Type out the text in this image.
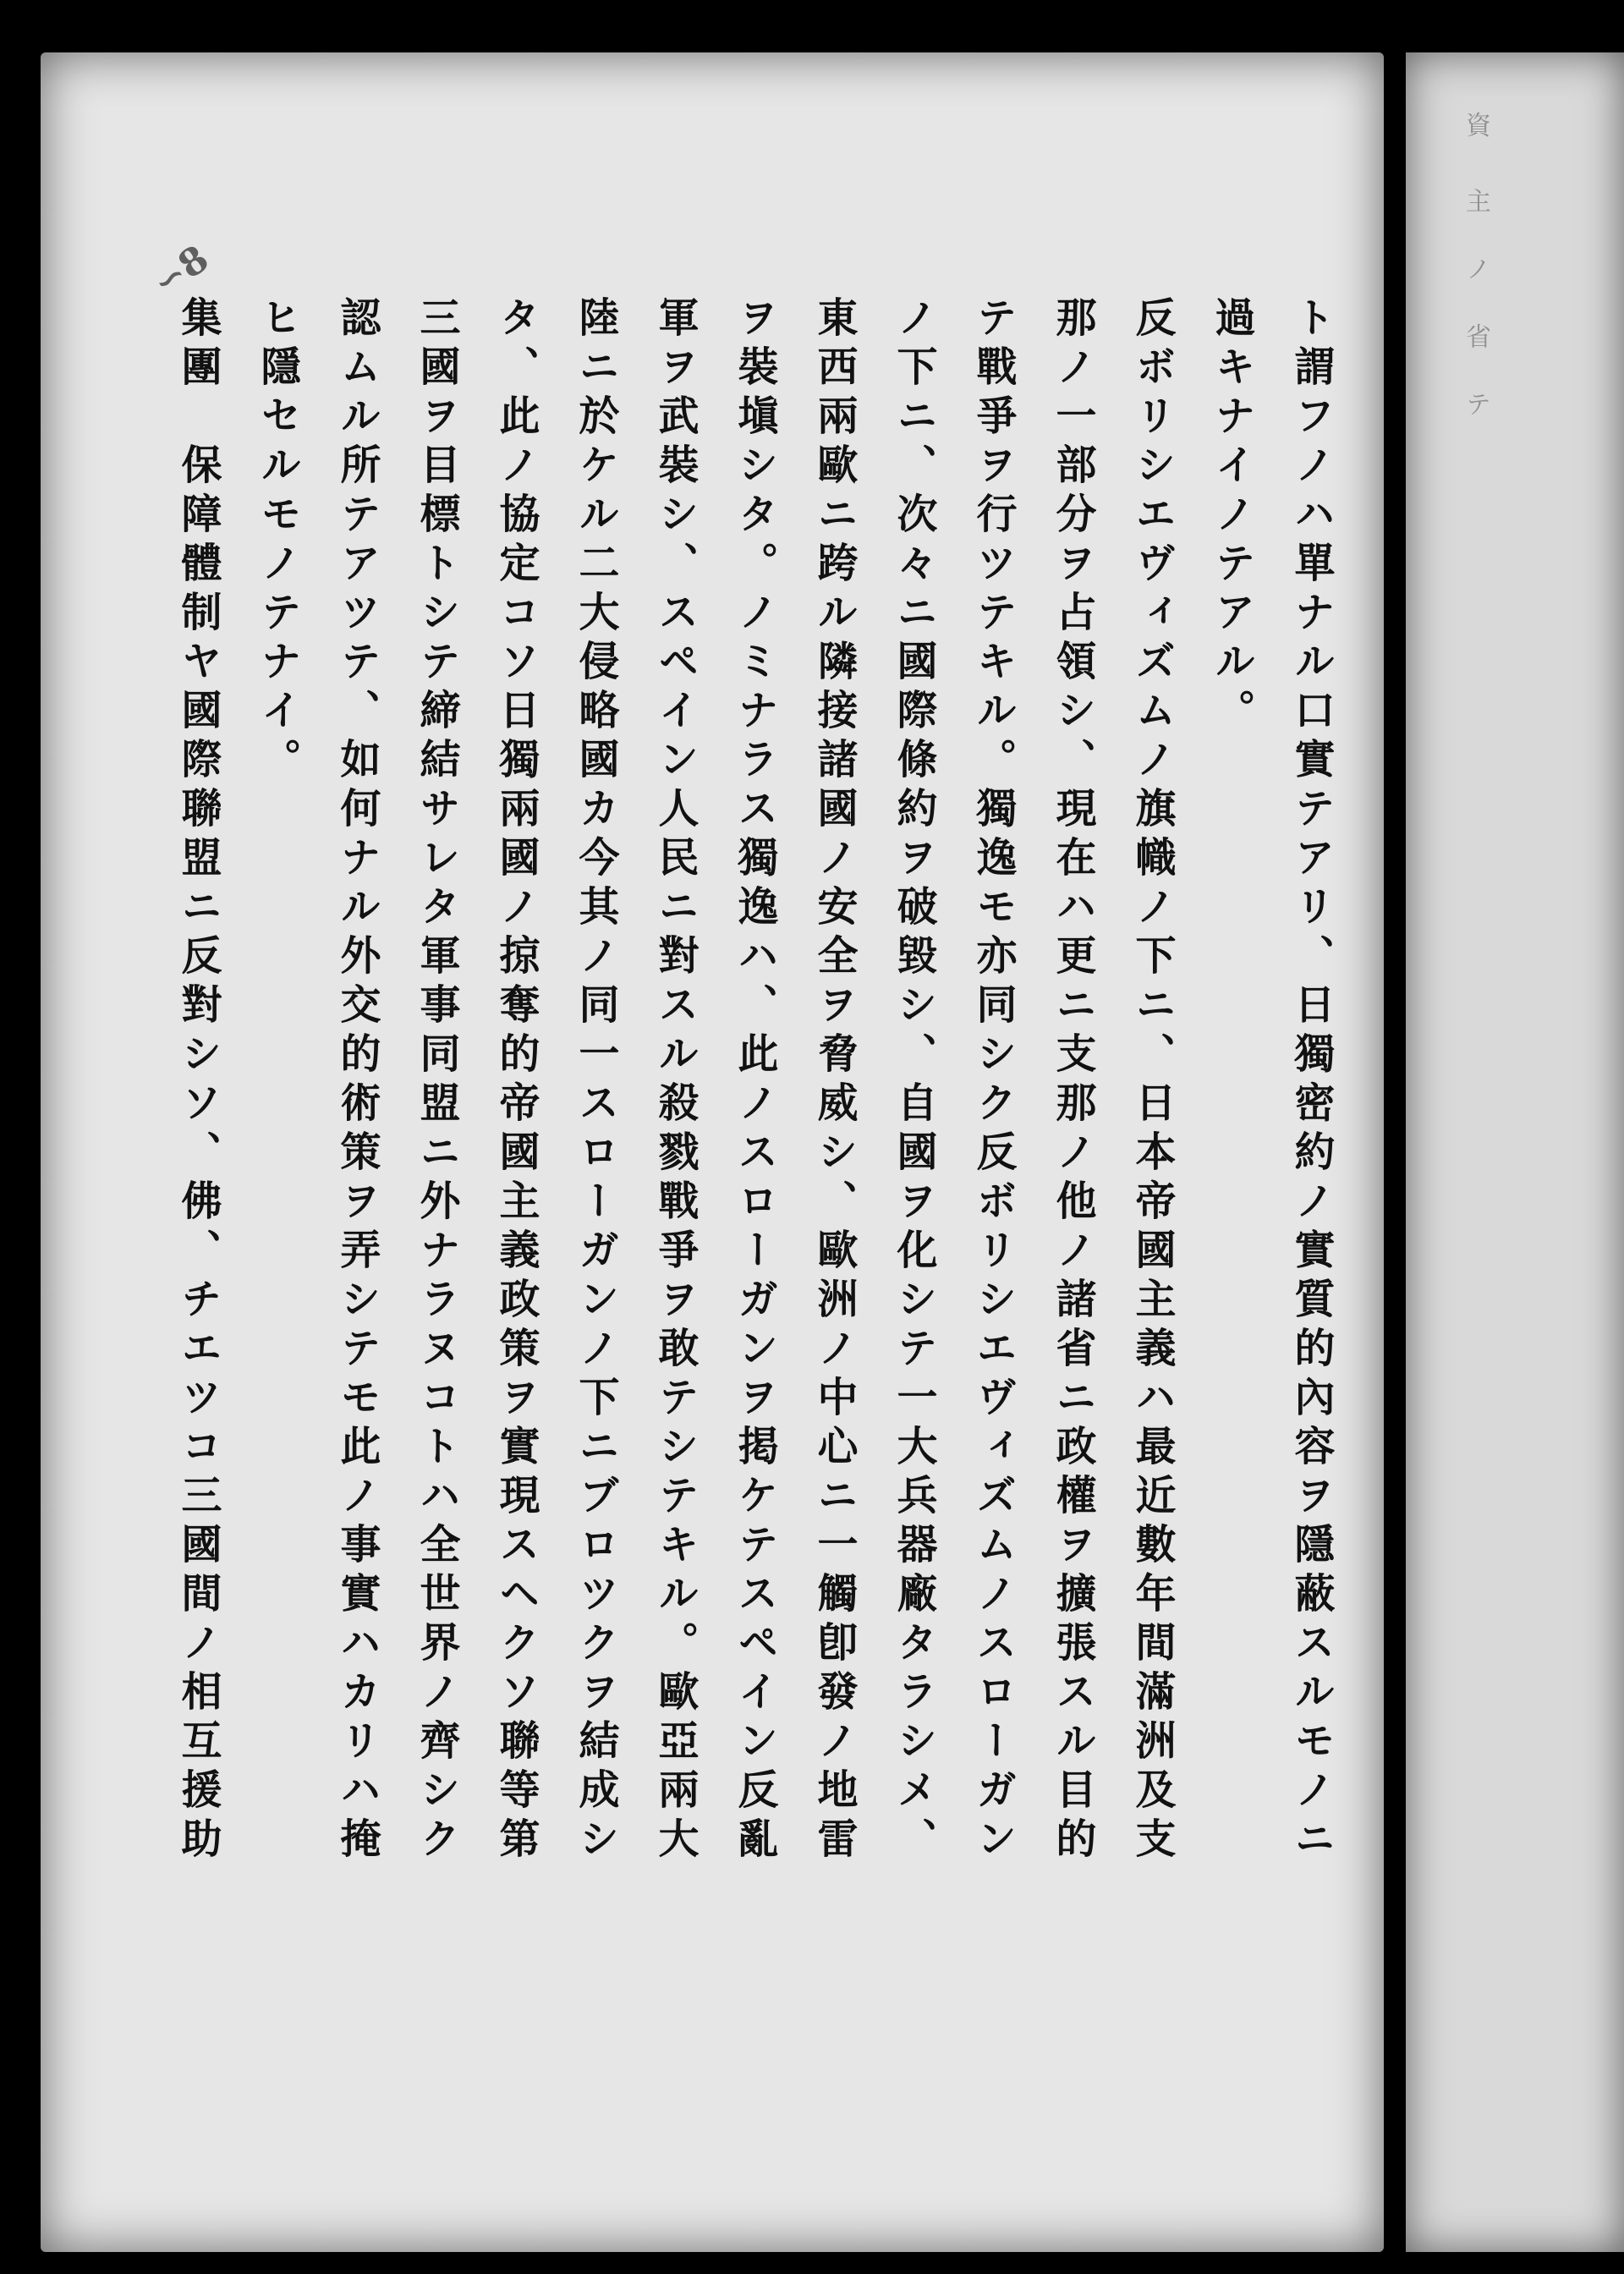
資
主
ノ
省
テ
∽8
ト謂フノハ單ナル口實テアリ、日獨密約ノ實質的內容ヲ隱蔽スルモノニ
過キナイノテアル。
反ボリシエヴィズムノ旗幟ノ下ニ、日本帝國主義ハ最近數年間滿洲及支
那ノ一部分ヲ占領シ、現在ハ更ニ支那ノ他ノ諸省ニ政權ヲ擴張スル目的
テ戰爭ヲ行ツテキル。獨逸モ亦同シク反ボリシエヴィズムノスローガン
ノ下ニ、次々ニ國際條約ヲ破毀シ、自國ヲ化シテ一大兵器廠タラシメ、
東西兩歐ニ跨ル隣接諸國ノ安全ヲ脅威シ、歐洲ノ中心ニ一觸卽發ノ地雷
ヲ裝塡シタ。ノミナラス獨逸ハ、此ノスローガンヲ掲ケテスペイン反亂
軍ヲ武裝シ、スペイン人民ニ對スル殺戮戰爭ヲ敢テシテキル。歐亞兩大
陸ニ於ケル二大侵略國カ今其ノ同一スローガンノ下ニブロツクヲ結成シ
タ、此ノ協定コソ日獨兩國ノ掠奪的帝國主義政策ヲ實現スヘクソ聯等第
三國ヲ目標トシテ締結サレタ軍事同盟ニ外ナラヌコトハ全世界ノ齊シク
認ムル所テアツテ、如何ナル外交的術策ヲ弄シテモ此ノ事實ハカリハ掩
ヒ隱セルモノテナイ。
集團　保障體制ヤ國際聯盟ニ反對シソ、佛、チエツコ三國間ノ相互援助
